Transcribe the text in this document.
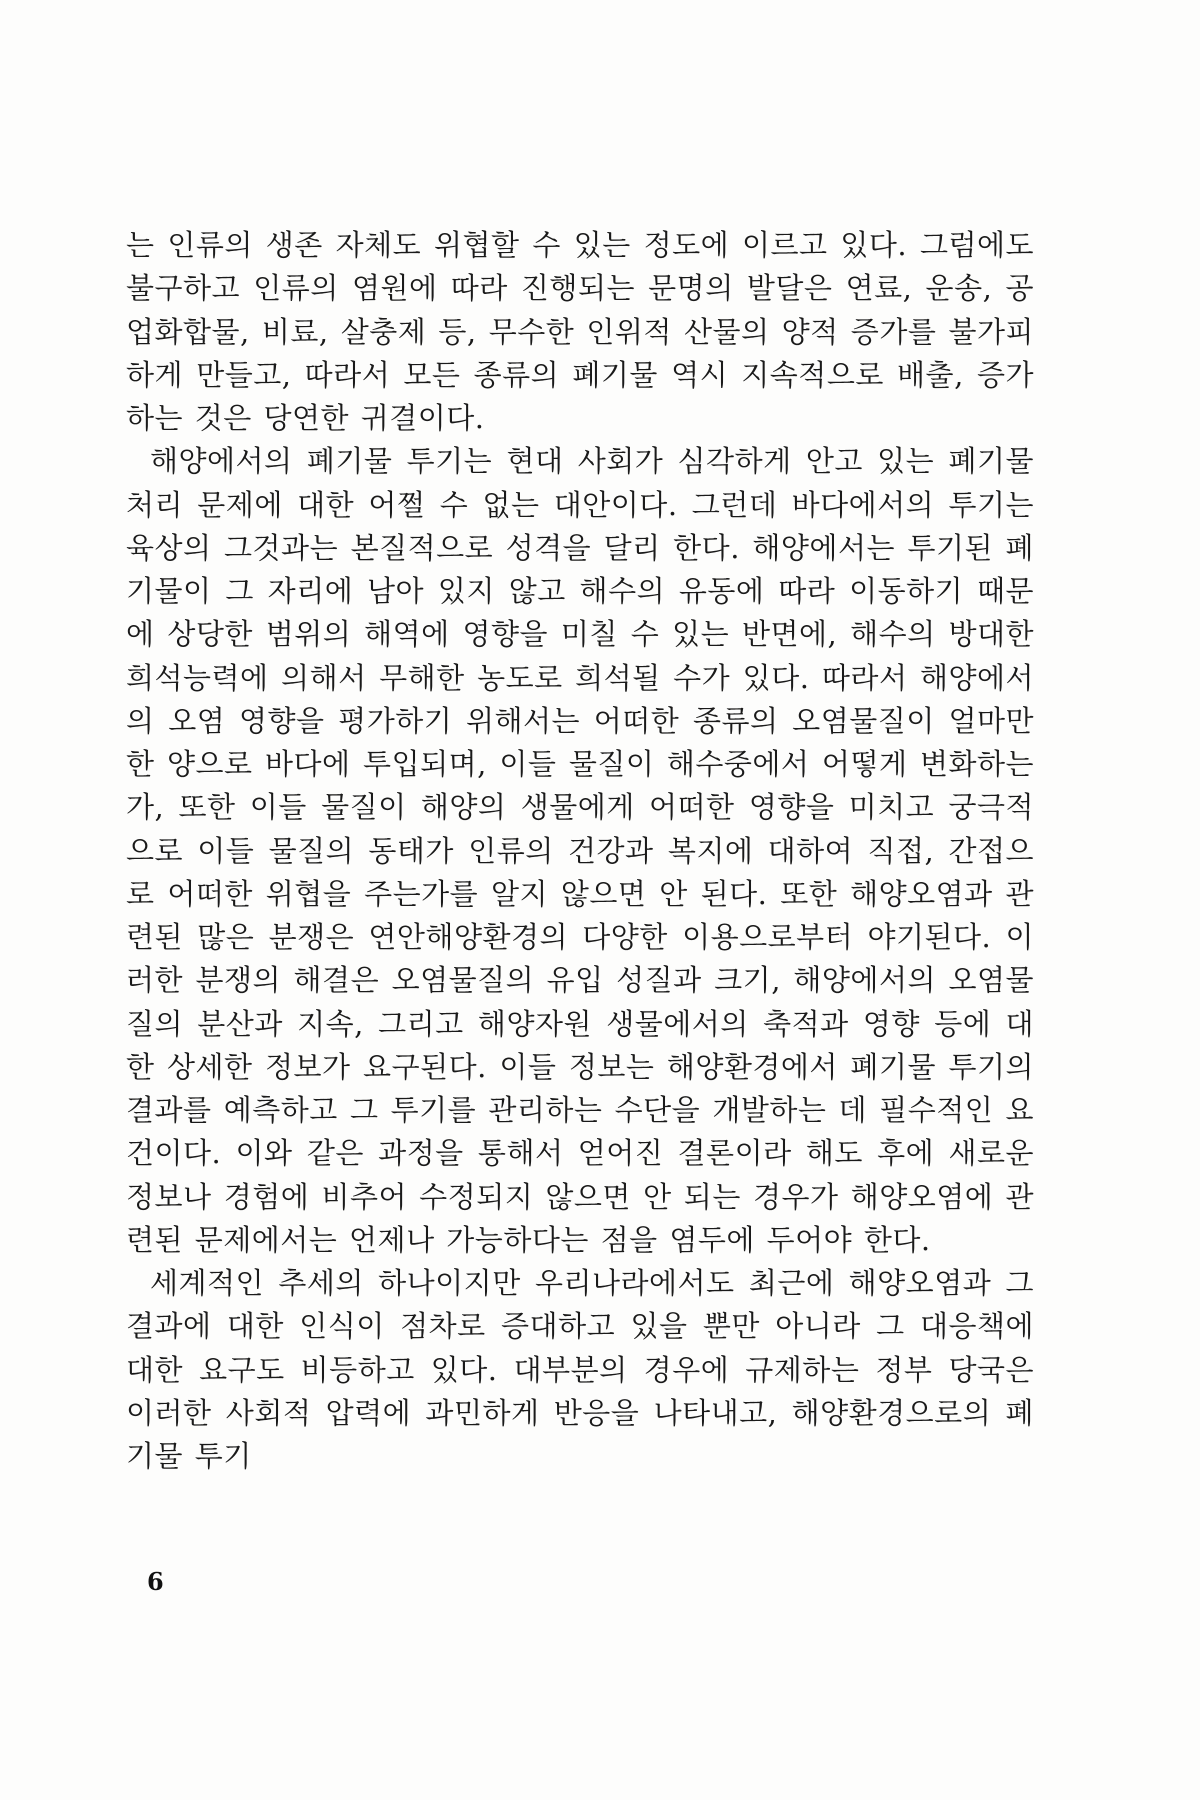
는 인류의 생존 자체도 위협할 수 있는 정도에 이르고 있다. 그럼에도 불구하고 인류의 염원에 따라 진행되는 문명의 발달은 연료, 운송, 공업화합물, 비료, 살충제 등, 무수한 인위적 산물의 양적 증가를 불가피하게 만들고, 따라서 모든 종류의 폐기물 역시 지속적으로 배출, 증가하는 것은 당연한 귀결이다.

해양에서의 폐기물 투기는 현대 사회가 심각하게 안고 있는 폐기물 처리 문제에 대한 어쩔 수 없는 대안이다. 그런데 바다에서의 투기는 육상의 그것과는 본질적으로 성격을 달리 한다. 해양에서는 투기된 폐기물이 그 자리에 남아 있지 않고 해수의 유동에 따라 이동하기 때문에 상당한 범위의 해역에 영향을 미칠 수 있는 반면에, 해수의 방대한 희석능력에 의해서 무해한 농도로 희석될 수가 있다. 따라서 해양에서의 오염 영향을 평가하기 위해서는 어떠한 종류의 오염물질이 얼마만한 양으로 바다에 투입되며, 이들 물질이 해수중에서 어떻게 변화하는가, 또한 이들 물질이 해양의 생물에게 어떠한 영향을 미치고 궁극적으로 이들 물질의 동태가 인류의 건강과 복지에 대하여 직접, 간접으로 어떠한 위협을 주는가를 알지 않으면 안 된다. 또한 해양오염과 관련된 많은 분쟁은 연안해양환경의 다양한 이용으로부터 야기된다. 이러한 분쟁의 해결은 오염물질의 유입 성질과 크기, 해양에서의 오염물질의 분산과 지속, 그리고 해양자원 생물에서의 축적과 영향 등에 대한 상세한 정보가 요구된다. 이들 정보는 해양환경에서 폐기물 투기의 결과를 예측하고 그 투기를 관리하는 수단을 개발하는 데 필수적인 요건이다. 이와 같은 과정을 통해서 얻어진 결론이라 해도 후에 새로운 정보나 경험에 비추어 수정되지 않으면 안 되는 경우가 해양오염에 관련된 문제에서는 언제나 가능하다는 점을 염두에 두어야 한다.

세계적인 추세의 하나이지만 우리나라에서도 최근에 해양오염과 그 결과에 대한 인식이 점차로 증대하고 있을 뿐만 아니라 그 대응책에 대한 요구도 비등하고 있다. 대부분의 경우에 규제하는 정부 당국은 이러한 사회적 압력에 과민하게 반응을 나타내고, 해양환경으로의 폐기물 투기

6
